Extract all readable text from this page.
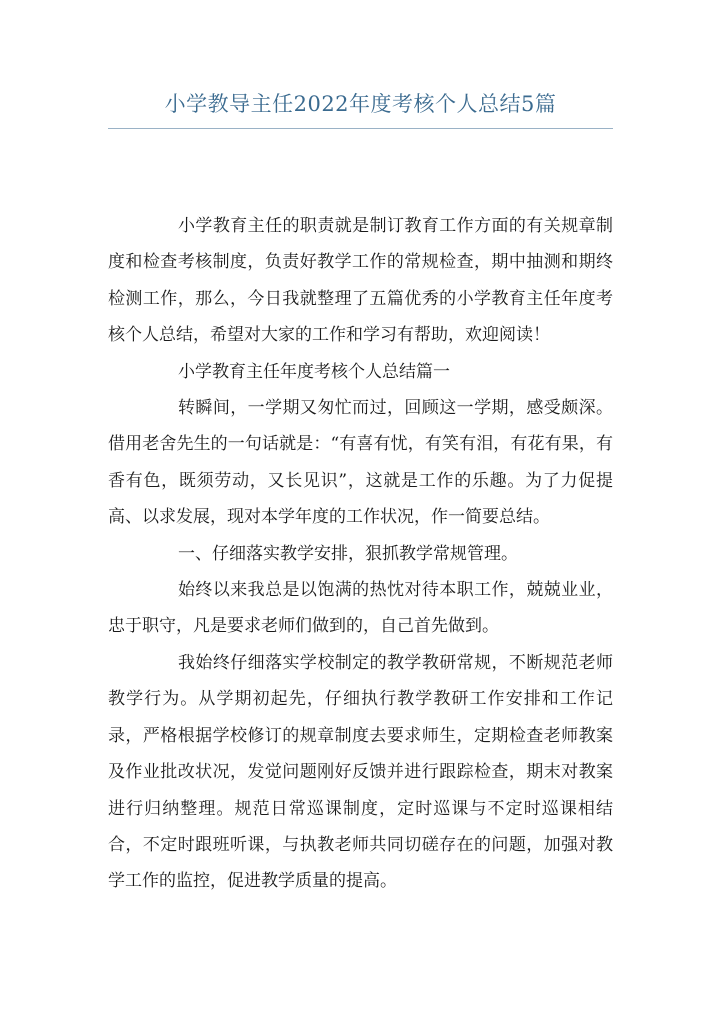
小学教导主任2022年度考核个人总结5篇

小学教育主任的职责就是制订教育工作方面的有关规章制度和检查考核制度，负责好教学工作的常规检查，期中抽测和期终检测工作，那么，今日我就整理了五篇优秀的小学教育主任年度考核个人总结，希望对大家的工作和学习有帮助，欢迎阅读！

小学教育主任年度考核个人总结篇一

转瞬间，一学期又匆忙而过，回顾这一学期，感受颇深。借用老舍先生的一句话就是：“有喜有忧，有笑有泪，有花有果，有香有色，既须劳动，又长见识”，这就是工作的乐趣。为了力促提高、以求发展，现对本学年度的工作状况，作一简要总结。

一、仔细落实教学安排，狠抓教学常规管理。

始终以来我总是以饱满的热忱对待本职工作，兢兢业业，忠于职守，凡是要求老师们做到的，自己首先做到。

我始终仔细落实学校制定的教学教研常规，不断规范老师教学行为。从学期初起先，仔细执行教学教研工作安排和工作记录，严格根据学校修订的规章制度去要求师生，定期检查老师教案及作业批改状况，发觉问题刚好反馈并进行跟踪检查，期末对教案进行归纳整理。规范日常巡课制度，定时巡课与不定时巡课相结合，不定时跟班听课，与执教老师共同切磋存在的问题，加强对教学工作的监控，促进教学质量的提高。
